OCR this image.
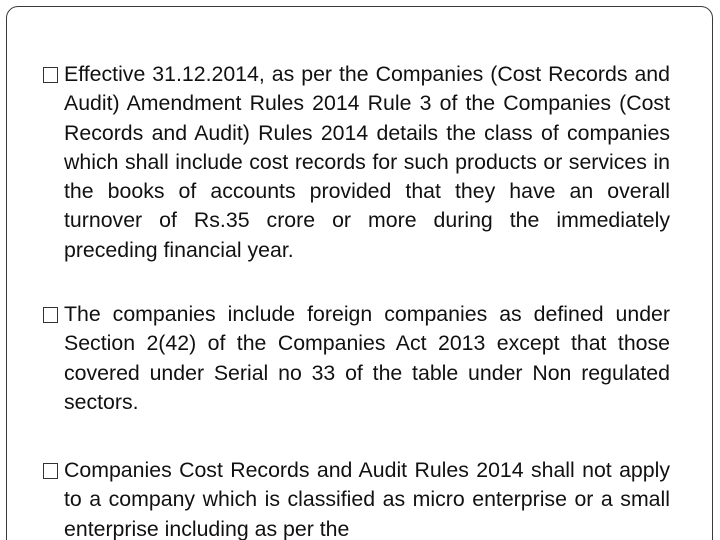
Effective 31.12.2014, as per the Companies (Cost Records and Audit) Amendment Rules 2014 Rule 3 of the Companies (Cost Records and Audit) Rules 2014 details the class of companies which shall include cost records for such products or services in the books of accounts provided that they have an overall turnover of Rs.35 crore or more during the immediately preceding financial year.
The companies include foreign companies as defined under Section 2(42) of the Companies Act 2013 except that those covered under Serial no 33 of the table under Non regulated sectors.
Companies Cost Records and Audit Rules 2014 shall not apply to a company which is classified as micro enterprise or a small enterprise including as per the
